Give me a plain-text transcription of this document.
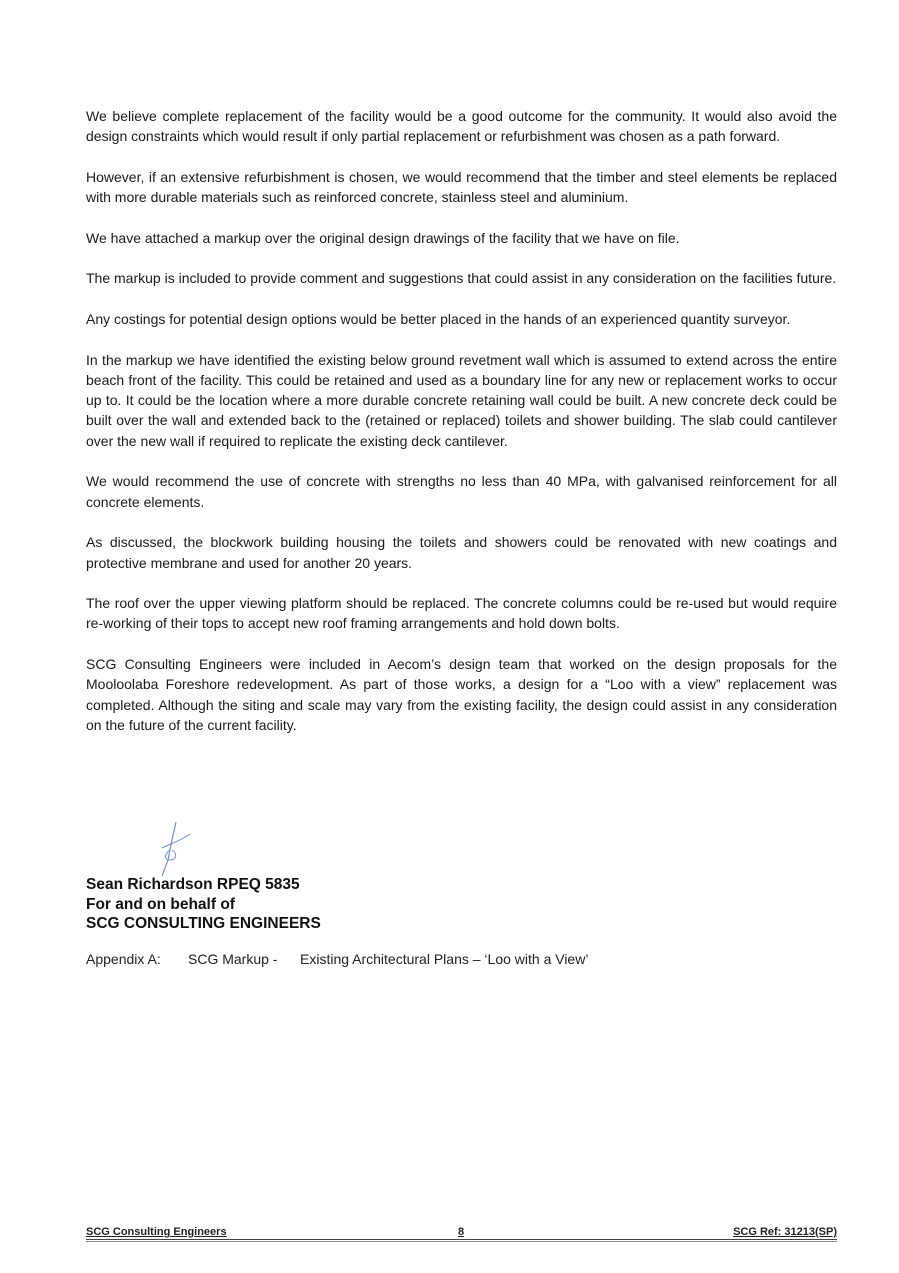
We believe complete replacement of the facility would be a good outcome for the community. It would also avoid the design constraints which would result if only partial replacement or refurbishment was chosen as a path forward.

However, if an extensive refurbishment is chosen, we would recommend that the timber and steel elements be replaced with more durable materials such as reinforced concrete, stainless steel and aluminium.

We have attached a markup over the original design drawings of the facility that we have on file.

The markup is included to provide comment and suggestions that could assist in any consideration on the facilities future.

Any costings for potential design options would be better placed in the hands of an experienced quantity surveyor.

In the markup we have identified the existing below ground revetment wall which is assumed to extend across the entire beach front of the facility. This could be retained and used as a boundary line for any new or replacement works to occur up to. It could be the location where a more durable concrete retaining wall could be built. A new concrete deck could be built over the wall and extended back to the (retained or replaced) toilets and shower building. The slab could cantilever over the new wall if required to replicate the existing deck cantilever.

We would recommend the use of concrete with strengths no less than 40 MPa, with galvanised reinforcement for all concrete elements.

As discussed, the blockwork building housing the toilets and showers could be renovated with new coatings and protective membrane and used for another 20 years.

The roof over the upper viewing platform should be replaced. The concrete columns could be re-used but would require re-working of their tops to accept new roof framing arrangements and hold down bolts.

SCG Consulting Engineers were included in Aecom’s design team that worked on the design proposals for the Mooloolaba Foreshore redevelopment. As part of those works, a design for a “Loo with a view” replacement was completed. Although the siting and scale may vary from the existing facility, the design could assist in any consideration on the future of the current facility.

Sean Richardson RPEQ 5835
For and on behalf of
SCG CONSULTING ENGINEERS
Appendix A: SCG Markup - Existing Architectural Plans – ‘Loo with a View’
SCG Consulting Engineers	8	SCG Ref: 31213(SP)
